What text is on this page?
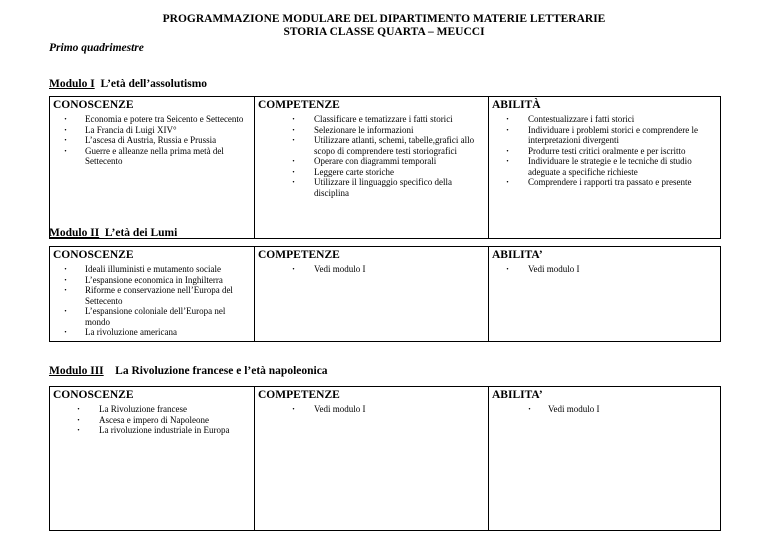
PROGRAMMAZIONE MODULARE DEL DIPARTIMENTO MATERIE LETTERARIE
STORIA CLASSE QUARTA – MEUCCI
Primo quadrimestre
Modulo I L’età dell’assolutismo
CONOSCENZE
· Economia e potere tra Seicento e Settecento
· La Francia di Luigi XIV°
· L’ascesa di Austria, Russia e Prussia
· Guerre e alleanze nella prima metà del Settecento

COMPETENZE
· Classificare e tematizzare i fatti storici
· Selezionare le informazioni
· Utilizzare atlanti, schemi, tabelle,grafici allo scopo di comprendere testi storiografici
· Operare con diagrammi temporali
· Leggere carte storiche
· Utilizzare il linguaggio specifico della disciplina

ABILITÀ
· Contestualizzare i fatti storici
· Individuare i problemi storici e comprendere le interpretazioni divergenti
· Produrre testi critici oralmente e per iscritto
· Individuare le strategie e le tecniche di studio adeguate a specifiche richieste
· Comprendere i rapporti tra passato e presente
Modulo II L’età dei Lumi
CONOSCENZE
· Ideali illuministi e mutamento sociale
· L’espansione economica in Inghilterra
· Riforme e conservazione nell’Europa del Settecento
· L’espansione coloniale dell’Europa nel mondo
· La rivoluzione americana

COMPETENZE
· Vedi modulo I

ABILITA’
· Vedi modulo I
Modulo III La Rivoluzione francese e l’età napoleonica
CONOSCENZE
· La Rivoluzione francese
· Ascesa e impero di Napoleone
· La rivoluzione industriale in Europa

COMPETENZE
· Vedi modulo I

ABILITA’
· Vedi modulo I
